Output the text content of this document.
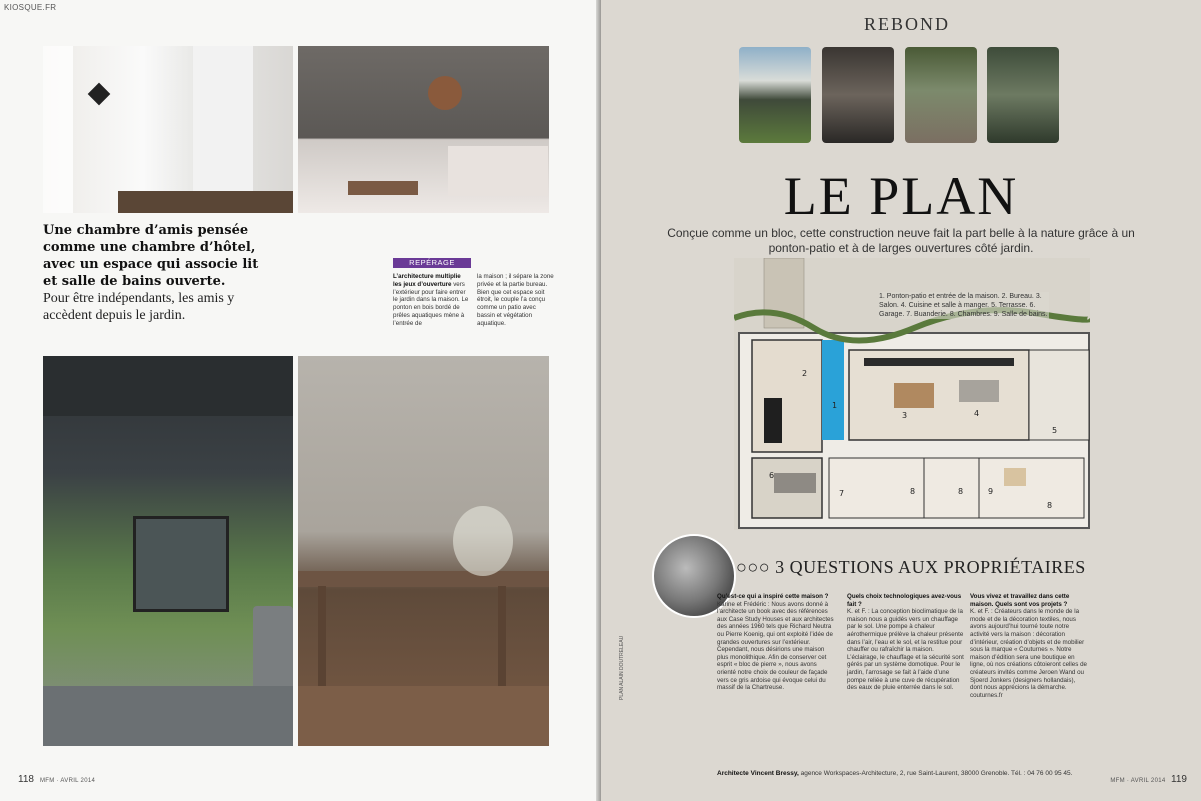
KIOSQUE.FR

Une chambre d’amis pensée comme une chambre d’hôtel, avec un espace qui associe lit et salle de bains ouverte.

Pour être indépendants, les amis y accèdent depuis le jardin.

REPÉRAGE
L’architecture multiplie les jeux d’ouverture vers l’extérieur pour faire entrer le jardin dans la maison. Le ponton en bois bordé de prêles aquatiques mène à l’entrée de
la maison ; il sépare la zone privée et la partie bureau. Bien que cet espace soit étroit, le couple l’a conçu comme un patio avec bassin et végétation aquatique.
118 MFM · AVRIL 2014
REBOND
LE PLAN

Conçue comme un bloc, cette construction neuve fait la part belle à la nature grâce à un ponton-patio et à de larges ouvertures côté jardin.

1
2
3	4
5
6
7	8	8	9
8
1. Ponton-patio et entrée de la maison. 2. Bureau. 3. Salon. 4. Cuisine et salle à manger. 5. Terrasse. 6. Garage. 7. Buanderie. 8. Chambres. 9. Salle de bains.
PLAN ALAIN DOUTRELEAU
○○○ 3 QUESTIONS AUX PROPRIÉTAIRES
Qu’est-ce qui a inspiré cette maison ?
Karine et Frédéric : Nous avons donné à l’architecte un book avec des références aux Case Study Houses et aux architectes des années 1960 tels que Richard Neutra ou Pierre Koenig, qui ont exploité l’idée de grandes ouvertures sur l’extérieur. Cependant, nous désirions une maison plus monolithique. Afin de conserver cet esprit « bloc de pierre », nous avons orienté notre choix de couleur de façade vers ce gris ardoise qui évoque celui du massif de la Chartreuse.
Quels choix technologiques avez-vous fait ?
K. et F. : La conception bioclimatique de la maison nous a guidés vers un chauffage par le sol. Une pompe à chaleur aérothermique prélève la chaleur présente dans l’air, l’eau et le sol, et la restitue pour chauffer ou rafraîchir la maison. L’éclairage, le chauffage et la sécurité sont gérés par un système domotique. Pour le jardin, l’arrosage se fait à l’aide d’une pompe reliée à une cuve de récupération des eaux de pluie enterrée dans le sol.
Vous vivez et travaillez dans cette maison. Quels sont vos projets ?
K. et F. : Créateurs dans le monde de la mode et de la décoration textiles, nous avons aujourd’hui tourné toute notre activité vers la maison : décoration d’intérieur, création d’objets et de mobilier sous la marque « Couturnes ». Notre maison d’édition sera une boutique en ligne, où nos créations côtoieront celles de créateurs invités comme Jeroen Wand ou Sjoerd Jonkers (designers hollandais), dont nous apprécions la démarche. couturnes.fr
Architecte Vincent Bressy, agence Workspaces-Architecture, 2, rue Saint-Laurent, 38000 Grenoble. Tél. : 04 76 00 95 45.
MFM · AVRIL 2014 119
